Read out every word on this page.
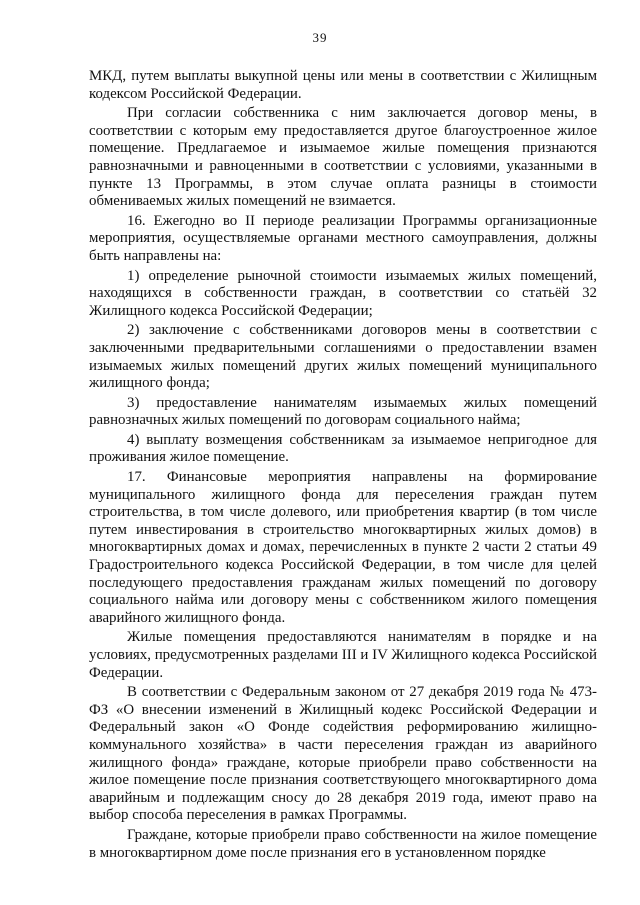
39

МКД, путем выплаты выкупной цены или мены в соответствии с Жилищным кодексом Российской Федерации.

При согласии собственника с ним заключается договор мены, в соответствии с которым ему предоставляется другое благоустроенное жилое помещение. Предлагаемое и изымаемое жилые помещения признаются равнозначными и равноценными в соответствии с условиями, указанными в пункте 13 Программы, в этом случае оплата разницы в стоимости обмениваемых жилых помещений не взимается.

16. Ежегодно во II периоде реализации Программы организационные мероприятия, осуществляемые органами местного самоуправления, должны быть направлены на:

1) определение рыночной стоимости изымаемых жилых помещений, находящихся в собственности граждан, в соответствии со статьёй 32 Жилищного кодекса Российской Федерации;

2) заключение с собственниками договоров мены в соответствии с заключенными предварительными соглашениями о предоставлении взамен изымаемых жилых помещений других жилых помещений муниципального жилищного фонда;

3) предоставление нанимателям изымаемых жилых помещений равнозначных жилых помещений по договорам социального найма;

4) выплату возмещения собственникам за изымаемое непригодное для проживания жилое помещение.

17. Финансовые мероприятия направлены на формирование муниципального жилищного фонда для переселения граждан путем строительства, в том числе долевого, или приобретения квартир (в том числе путем инвестирования в строительство многоквартирных жилых домов) в многоквартирных домах и домах, перечисленных в пункте 2 части 2 статьи 49 Градостроительного кодекса Российской Федерации, в том числе для целей последующего предоставления гражданам жилых помещений по договору социального найма или договору мены с собственником жилого помещения аварийного жилищного фонда.

Жилые помещения предоставляются нанимателям в порядке и на условиях, предусмотренных разделами III и IV Жилищного кодекса Российской Федерации.

В соответствии с Федеральным законом от 27 декабря 2019 года № 473-ФЗ «О внесении изменений в Жилищный кодекс Российской Федерации и Федеральный закон «О Фонде содействия реформированию жилищно-коммунального хозяйства» в части переселения граждан из аварийного жилищного фонда» граждане, которые приобрели право собственности на жилое помещение после признания соответствующего многоквартирного дома аварийным и подлежащим сносу до 28 декабря 2019 года, имеют право на выбор способа переселения в рамках Программы.

Граждане, которые приобрели право собственности на жилое помещение в многоквартирном доме после признания его в установленном порядке
